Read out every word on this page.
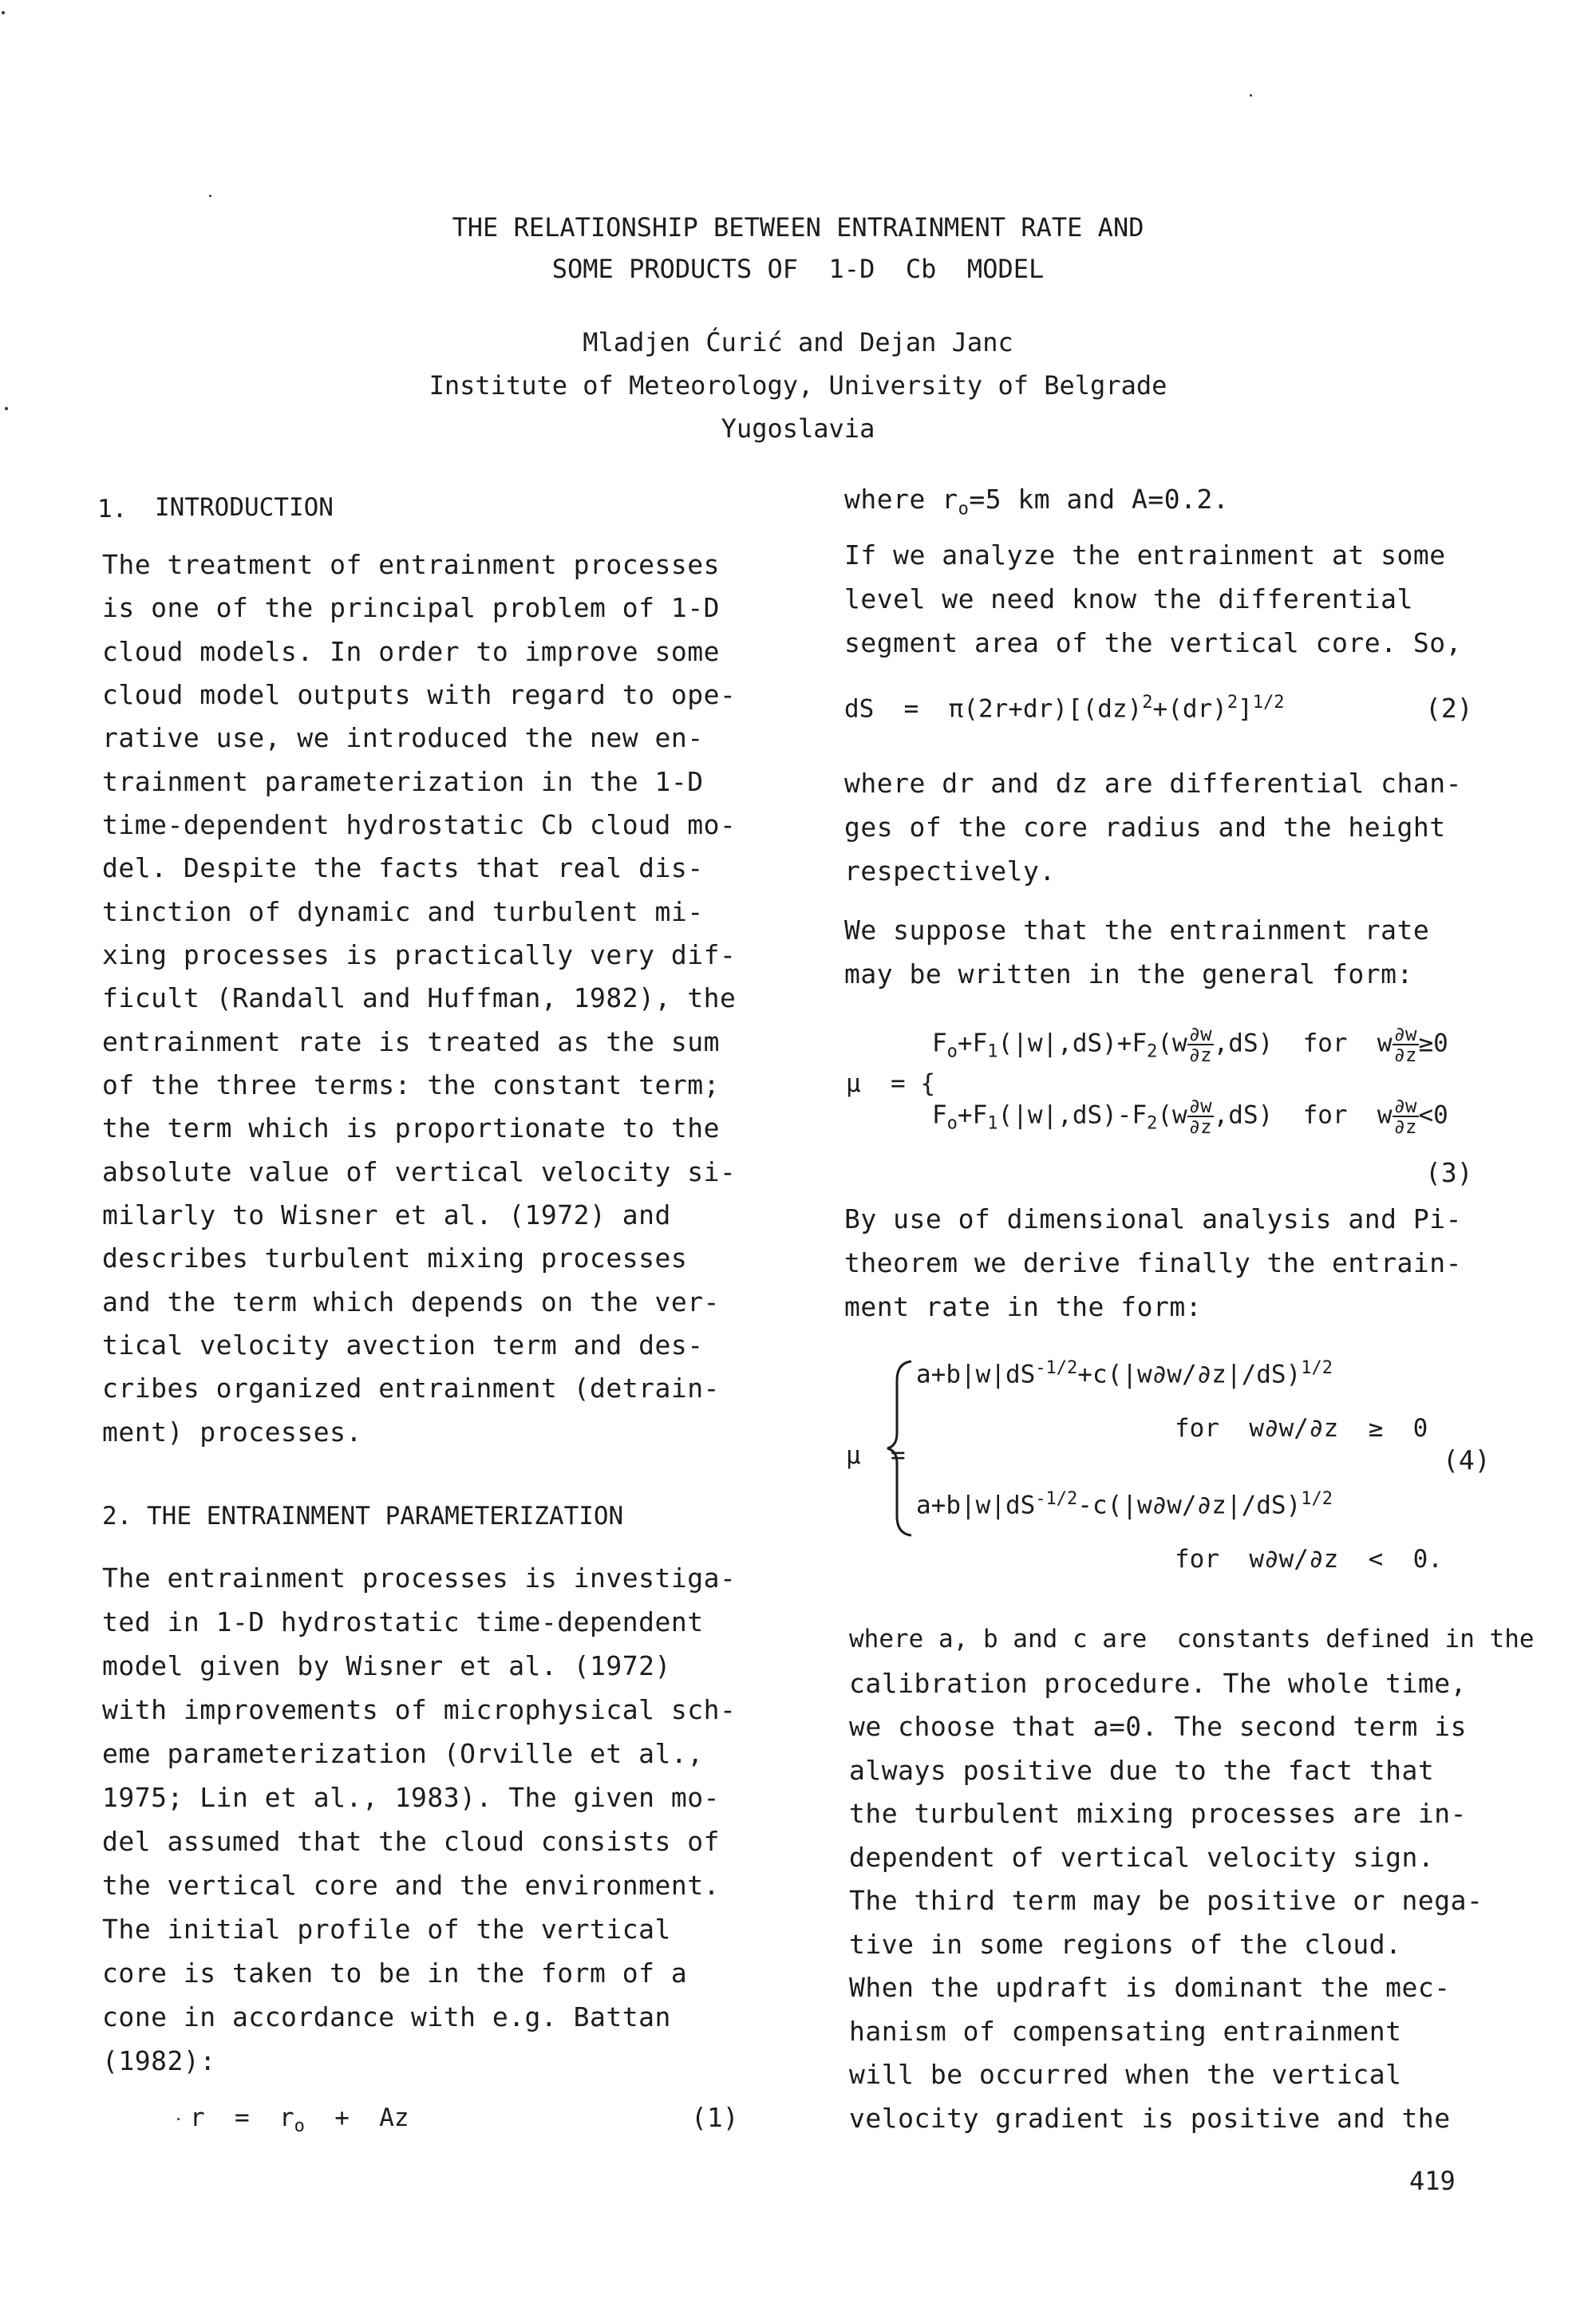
THE RELATIONSHIP BETWEEN ENTRAINMENT RATE AND
SOME PRODUCTS OF  1-D  Cb  MODEL
Mladjen Ćurić and Dejan Janc
Institute of Meteorology, University of Belgrade
Yugoslavia
1. INTRODUCTION
The treatment of entrainment processes
is one of the principal problem of 1-D
cloud models. In order to improve some
cloud model outputs with regard to ope-
rative use, we introduced the new en-
trainment parameterization in the 1-D
time-dependent hydrostatic Cb cloud mo-
del. Despite the facts that real dis-
tinction of dynamic and turbulent mi-
xing processes is practically very dif-
ficult (Randall and Huffman, 1982), the
entrainment rate is treated as the sum
of the three terms: the constant term;
the term which is proportionate to the
absolute value of vertical velocity si-
milarly to Wisner et al. (1972) and
describes turbulent mixing processes
and the term which depends on the ver-
tical velocity avection term and des-
cribes organized entrainment (detrain-
ment) processes.
2. THE ENTRAINMENT PARAMETERIZATION
The entrainment processes is investiga-
ted in 1-D hydrostatic time-dependent
model given by Wisner et al. (1972)
with improvements of microphysical sch-
eme parameterization (Orville et al.,
1975; Lin et al., 1983). The given mo-
del assumed that the cloud consists of
the vertical core and the environment.
The initial profile of the vertical
core is taken to be in the form of a
cone in accordance with e.g. Battan
(1982):
$r = r_o + Az$	(1)
where $r_o=5$ km and A=0.2.
If we analyze the entrainment at some
level we need know the differential
segment area of the vertical core. So,
dS  =  $\pi(2r+dr)[(dz)^2+(dr)^2]^{1/2}$	(2)
where dr and dz are differential chan-
ges of the core radius and the height
respectively.
We suppose that the entrainment rate
may be written in the general form:
μ  = {
$F_o+F_1(|w|,dS)+F_2(w \frac{\partial w}{\partial z} ,dS)$  for  w $\frac{\partial w}{\partial z} \ge 0$
$F_o+F_1(|w|,dS)-F_2(w \frac{\partial w}{\partial z} ,dS)$  for  w $\frac{\partial w}{\partial z} <0$
(3)
By use of dimensional analysis and Pi-
theorem we derive finally the entrain-
ment rate in the form:
μ  =
$a+b|w|dS^{-1/2}+c(|w\partial w/\partial z|/dS)^{1/2}$
for  w∂w/∂z  ≥  0
(4)
$a+b|w|dS^{-1/2}-c(|w\partial w/\partial z|/dS)^{1/2}$
for  w∂w/∂z  <  0.
where a, b and c are  constants defined in the
calibration procedure. The whole time,
we choose that a=0. The second term is
always positive due to the fact that
the turbulent mixing processes are in-
dependent of vertical velocity sign.
The third term may be positive or nega-
tive in some regions of the cloud.
When the updraft is dominant the mec-
hanism of compensating entrainment
will be occurred when the vertical
velocity gradient is positive and the
419
